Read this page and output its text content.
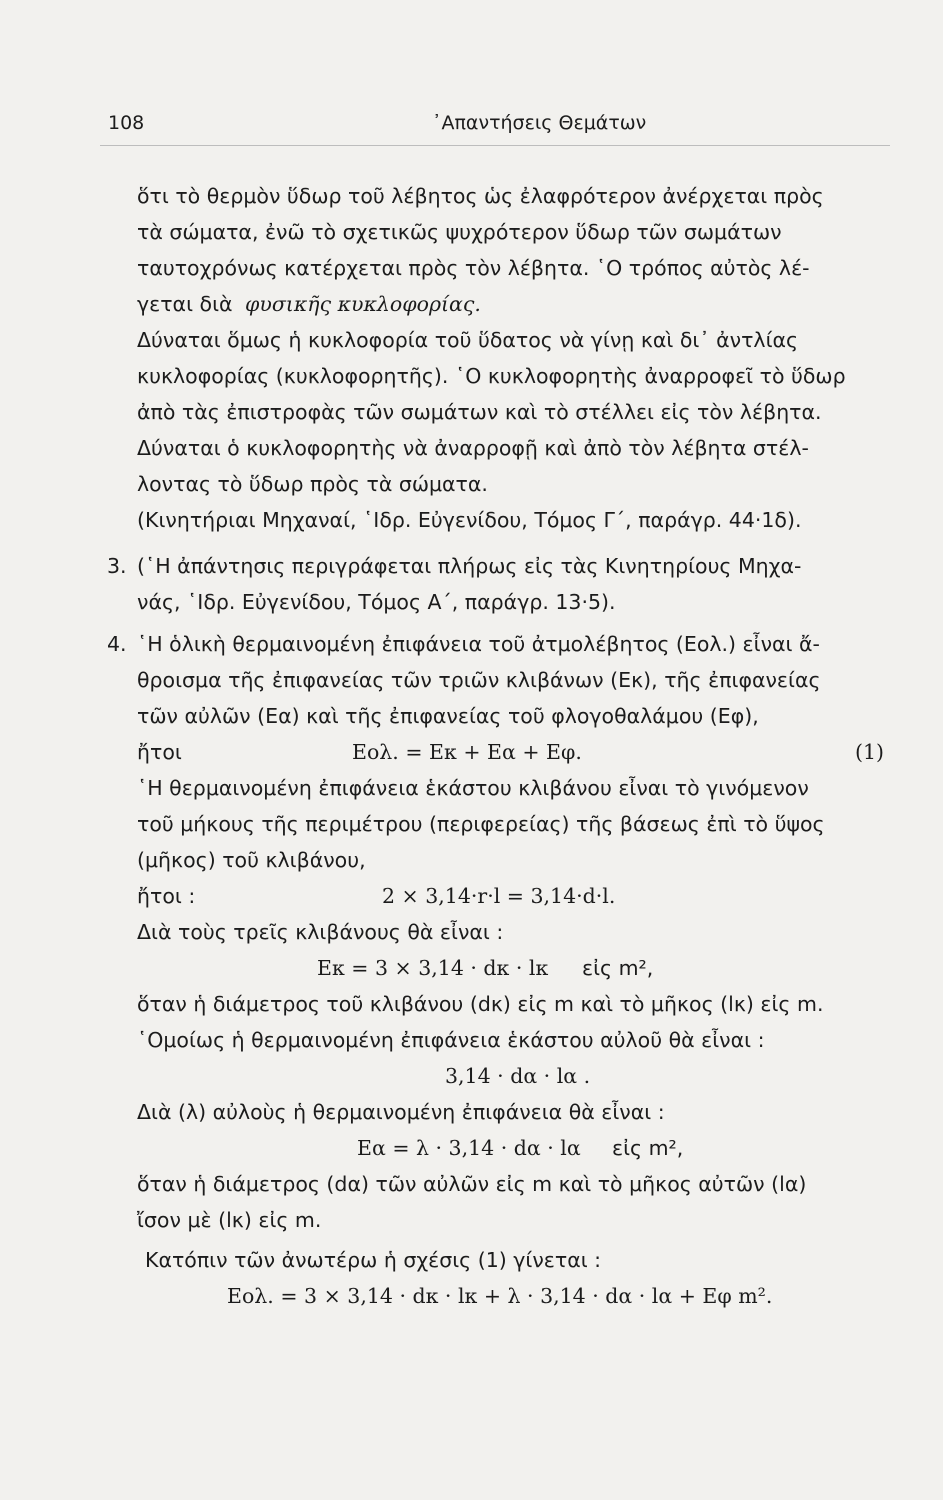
108	᾿Απαντήσεις Θεμάτων
ὅτι τὸ θερμὸν ὕδωρ τοῦ λέβητος ὡς ἐλαφρότερον ἀνέρχεται πρὸς
τὰ σώματα, ἐνῶ τὸ σχετικῶς ψυχρότερον ὕδωρ τῶν σωμάτων
ταυτοχρόνως κατέρχεται πρὸς τὸν λέβητα. ῾Ο τρόπος αὐτὸς λέ-
γεται διὰ φυσικῆς κυκλοφορίας.
Δύναται ὅμως ἡ κυκλοφορία τοῦ ὕδατος νὰ γίνῃ καὶ δι᾿ ἀντλίας
κυκλοφορίας (κυκλοφορητῆς). ῾Ο κυκλοφορητὴς ἀναρροφεῖ τὸ ὕδωρ
ἀπὸ τὰς ἐπιστροφὰς τῶν σωμάτων καὶ τὸ στέλλει εἰς τὸν λέβητα.
Δύναται ὁ κυκλοφορητὴς νὰ ἀναρροφῇ καὶ ἀπὸ τὸν λέβητα στέλ-
λοντας τὸ ὕδωρ πρὸς τὰ σώματα.
(Κινητήριαι Μηχαναί, ῾Ιδρ. Εὐγενίδου, Τόμος Γ΄, παράγρ. 44·1δ).
3. (῾Η ἀπάντησις περιγράφεται πλήρως εἰς τὰς Κινητηρίους Μηχα-
νάς, ῾Ιδρ. Εὐγενίδου, Τόμος Α΄, παράγρ. 13·5).
4. ῾Η ὁλικὴ θερμαινομένη ἐπιφάνεια τοῦ ἀτμολέβητος (Εολ.) εἶναι ἄ-
θροισμα τῆς ἐπιφανείας τῶν τριῶν κλιβάνων (Εκ), τῆς ἐπιφανείας
τῶν αὐλῶν (Εα) καὶ τῆς ἐπιφανείας τοῦ φλογοθαλάμου (Εφ),
ἤτοι	Εολ. = Εκ + Εα + Εφ.	(1)
῾Η θερμαινομένη ἐπιφάνεια ἑκάστου κλιβάνου εἶναι τὸ γινόμενον
τοῦ μήκους τῆς περιμέτρου (περιφερείας) τῆς βάσεως ἐπὶ τὸ ὕψος
(μῆκος) τοῦ κλιβάνου,
ἤτοι :	2 × 3,14·r·l = 3,14·d·l.
Διὰ τοὺς τρεῖς κλιβάνους θὰ εἶναι :
Εκ = 3 × 3,14 · dκ · lκ εἰς m²,
ὅταν ἡ διάμετρος τοῦ κλιβάνου (dκ) εἰς m καὶ τὸ μῆκος (lκ) εἰς m.
῾Ομοίως ἡ θερμαινομένη ἐπιφάνεια ἑκάστου αὐλοῦ θὰ εἶναι :
3,14 · dα · lα .
Διὰ (λ) αὐλοὺς ἡ θερμαινομένη ἐπιφάνεια θὰ εἶναι :
Εα = λ · 3,14 · dα · lα εἰς m²,
ὅταν ἡ διάμετρος (dα) τῶν αὐλῶν εἰς m καὶ τὸ μῆκος αὐτῶν (lα)
ἴσον μὲ (lκ) εἰς m.
Κατόπιν τῶν ἀνωτέρω ἡ σχέσις (1) γίνεται :
Εολ. = 3 × 3,14 · dκ · lκ + λ · 3,14 · dα · lα + Εφ m².
